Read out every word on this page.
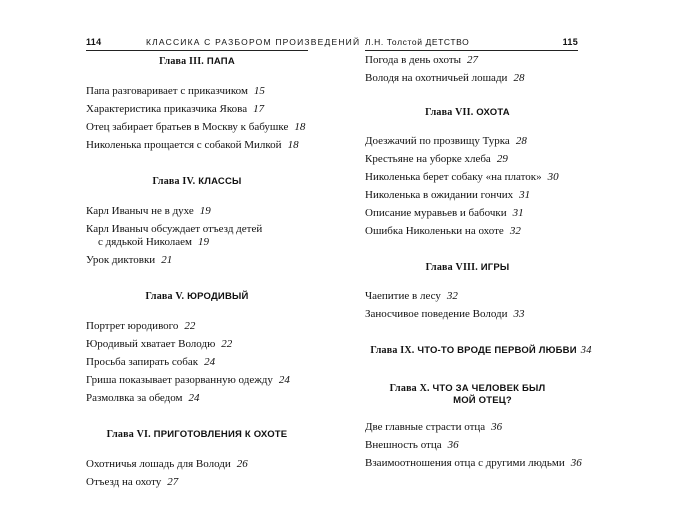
114	КЛАССИКА С РАЗБОРОМ ПРОИЗВЕДЕНИЙ
Глава III. ПАПА
Папа разговаривает с приказчиком 15
Характеристика приказчика Якова 17
Отец забирает братьев в Москву к бабушке 18
Николенька прощается с собакой Милкой 18
Глава IV. КЛАССЫ
Карл Иваныч не в духе 19
Карл Иваныч обсуждает отъезд детей
с дядькой Николаем 19
Урок диктовки 21
Глава V. ЮРОДИВЫЙ
Портрет юродивого 22
Юродивый хватает Володю 22
Просьба запирать собак 24
Гриша показывает разорванную одежду 24
Размолвка за обедом 24
Глава VI. ПРИГОТОВЛЕНИЯ К ОХОТЕ
Охотничья лошадь для Володи 26
Отъезд на охоту 27
Л.Н. Толстой ДЕТСТВО	115
Погода в день охоты 27
Володя на охотничьей лошади 28
Глава VII. ОХОТА
Доезжачий по прозвищу Турка 28
Крестьяне на уборке хлеба 29
Николенька берет собаку «на платок» 30
Николенька в ожидании гончих 31
Описание муравьев и бабочки 31
Ошибка Николеньки на охоте 32
Глава VIII. ИГРЫ
Чаепитие в лесу 32
Заносчивое поведение Володи 33
Глава IX. ЧТО-ТО ВРОДЕ ПЕРВОЙ ЛЮБВИ 34
Глава X. ЧТО ЗА ЧЕЛОВЕК БЫЛ
МОЙ ОТЕЦ?
Две главные страсти отца 36
Внешность отца 36
Взаимоотношения отца с другими людьми 36
